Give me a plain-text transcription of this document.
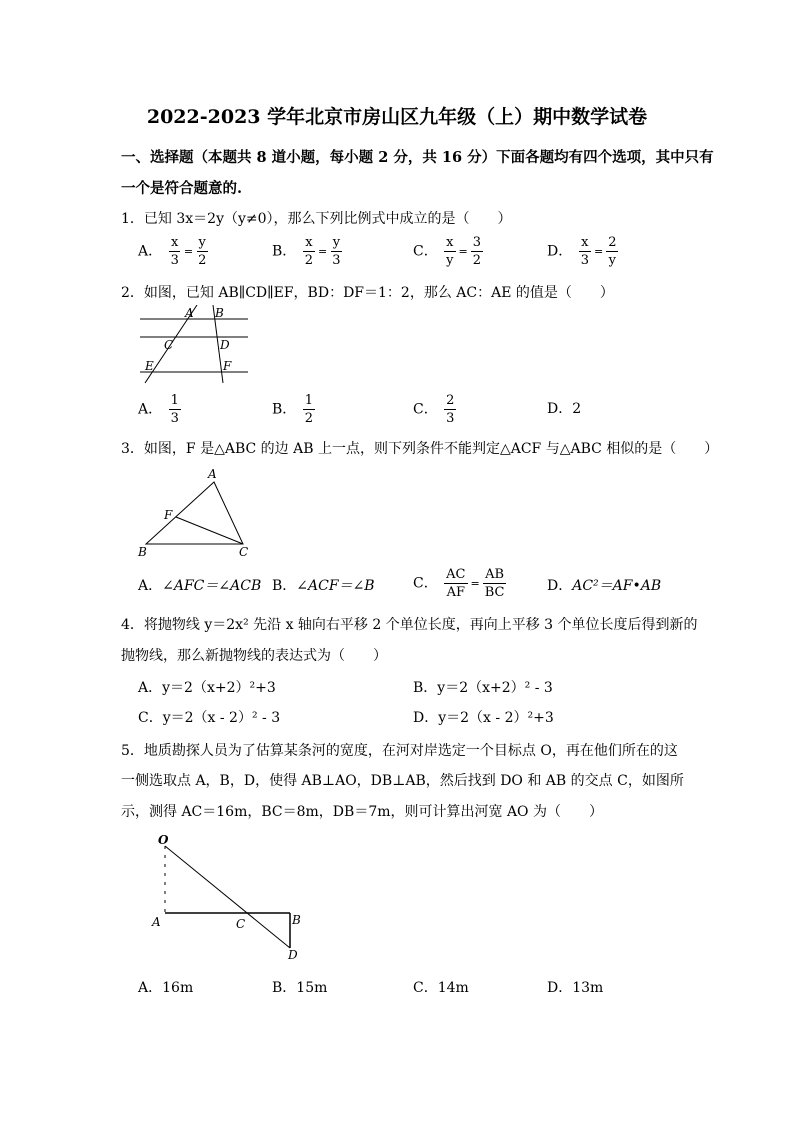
2022-2023 学年北京市房山区九年级（上）期中数学试卷
一、选择题（本题共 8 道小题，每小题 2 分，共 16 分）下面各题均有四个选项，其中只有
一个是符合题意的.
1．已知 3x＝2y（y≠0），那么下列比例式中成立的是（　　）
A． $\frac{x}{3} = \frac{y}{2}$	B． $\frac{x}{2} = \frac{y}{3}$	C． $\frac{x}{y} = \frac{3}{2}$	D． $\frac{x}{3} = \frac{2}{y}$
2．如图，已知 AB∥CD∥EF，BD：DF＝1：2，那么 AC：AE 的值是（　　）
A B
C	D
E	F
A． $\frac{1}{3}$	B． $\frac{1}{2}$	C． $\frac{2}{3}$	D．2
3．如图，F 是△ABC 的边 AB 上一点，则下列条件不能判定△ACF 与△ABC 相似的是（　　）
A
B	C
F
A．∠AFC＝∠ACB B．∠ACF＝∠B	C． $\frac{AC}{AF} = \frac{AB}{BC}$	D．AC²＝AF•AB
4．将抛物线 y＝2x² 先沿 x 轴向右平移 2 个单位长度，再向上平移 3 个单位长度后得到新的
抛物线，那么新抛物线的表达式为（　　）
A．y＝2（x+2）²+3	B．y＝2（x+2）² - 3
C．y＝2（x - 2）² - 3	D．y＝2（x - 2）²+3
5．地质勘探人员为了估算某条河的宽度，在河对岸选定一个目标点 O，再在他们所在的这
一侧选取点 A，B，D，使得 AB⊥AO，DB⊥AB，然后找到 DO 和 AB 的交点 C，如图所
示，测得 AC＝16m，BC＝8m，DB＝7m，则可计算出河宽 AO 为（　　）
O
A	B
C
D
A．16m	B．15m	C．14m	D．13m
